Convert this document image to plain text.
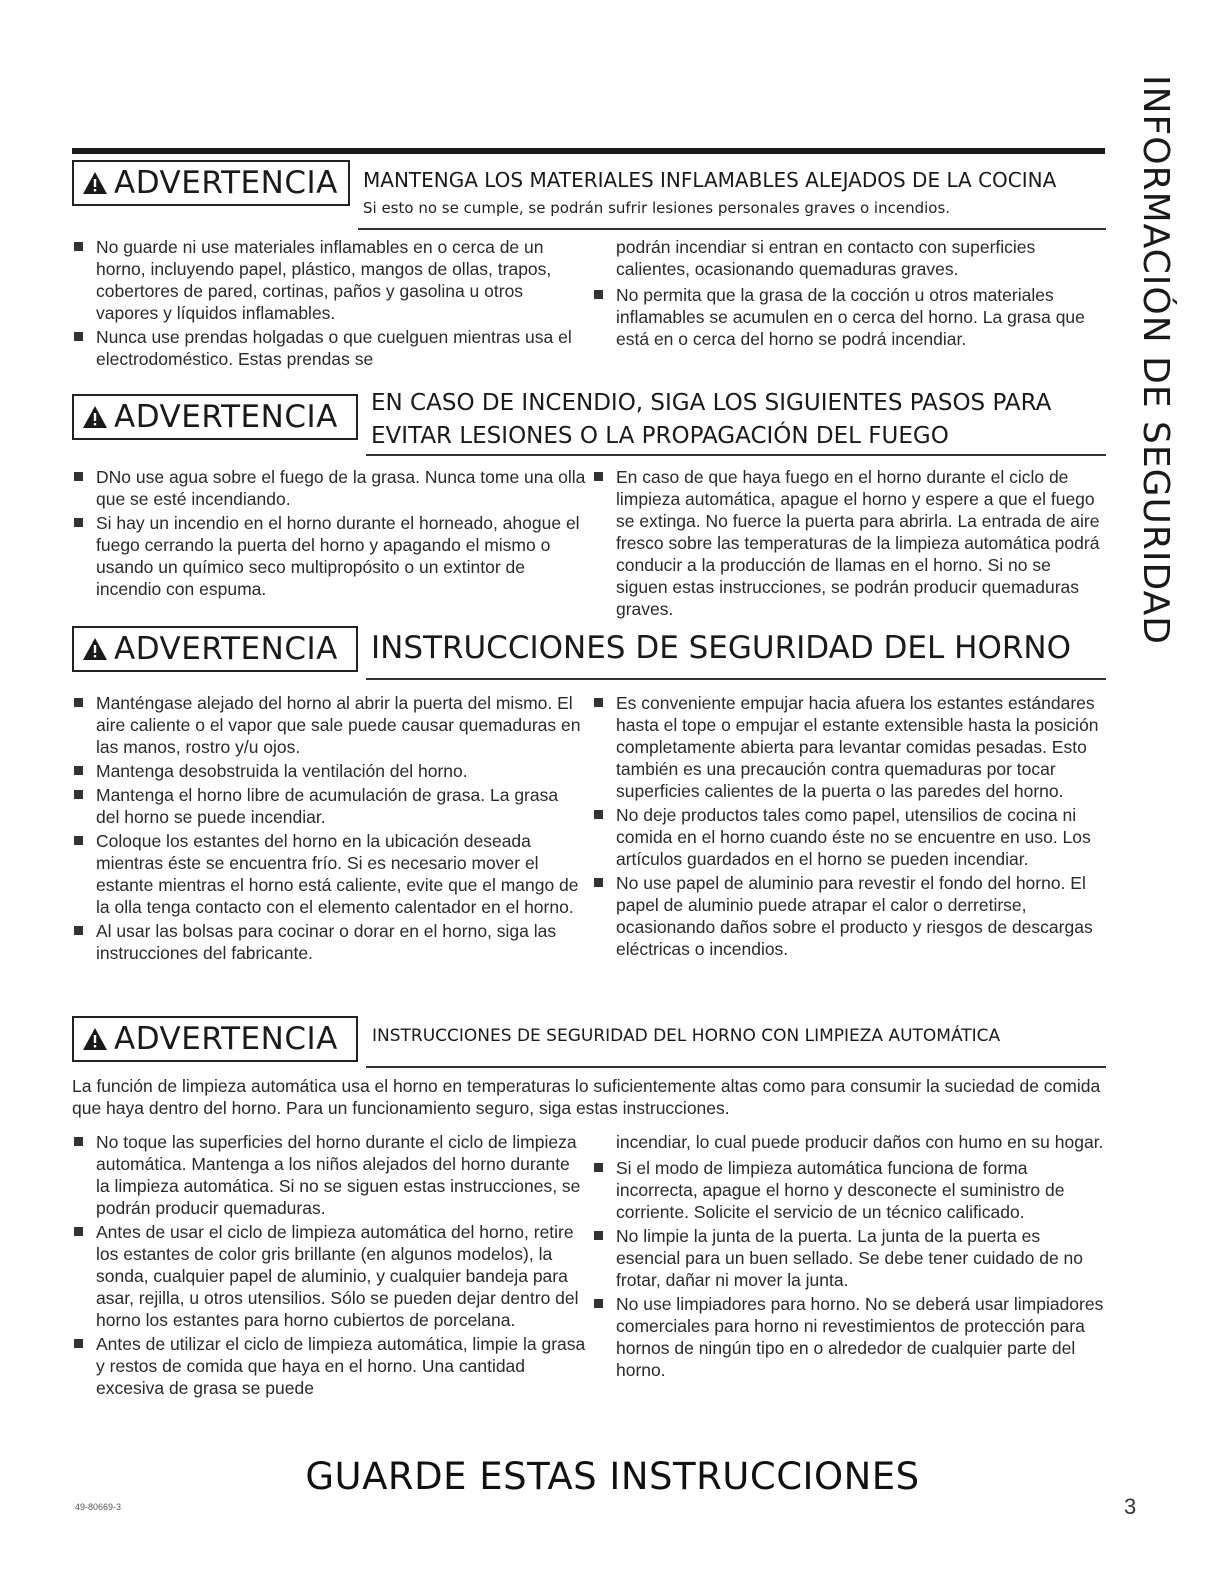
INFORMACIÓN DE SEGURIDAD
ADVERTENCIA MANTENGA LOS MATERIALES INFLAMABLES ALEJADOS DE LA COCINA
Si esto no se cumple, se podrán sufrir lesiones personales graves o incendios.
No guarde ni use materiales inflamables en o cerca de un horno, incluyendo papel, plástico, mangos de ollas, trapos, cobertores de pared, cortinas, paños y gasolina u otros vapores y líquidos inflamables.
Nunca use prendas holgadas o que cuelguen mientras usa el electrodoméstico. Estas prendas se
podrán incendiar si entran en contacto con superficies calientes, ocasionando quemaduras graves.
No permita que la grasa de la cocción u otros materiales inflamables se acumulen en o cerca del horno. La grasa que está en o cerca del horno se podrá incendiar.
ADVERTENCIA EN CASO DE INCENDIO, SIGA LOS SIGUIENTES PASOS PARA
EVITAR LESIONES O LA PROPAGACIÓN DEL FUEGO
DNo use agua sobre el fuego de la grasa. Nunca tome una olla que se esté incendiando.
Si hay un incendio en el horno durante el horneado, ahogue el fuego cerrando la puerta del horno y apagando el mismo o usando un químico seco multipropósito o un extintor de incendio con espuma.
En caso de que haya fuego en el horno durante el ciclo de limpieza automática, apague el horno y espere a que el fuego se extinga. No fuerce la puerta para abrirla. La entrada de aire fresco sobre las temperaturas de la limpieza automática podrá conducir a la producción de llamas en el horno. Si no se siguen estas instrucciones, se podrán producir quemaduras graves.
ADVERTENCIA INSTRUCCIONES DE SEGURIDAD DEL HORNO
Manténgase alejado del horno al abrir la puerta del mismo. El aire caliente o el vapor que sale puede causar quemaduras en las manos, rostro y/u ojos.
Mantenga desobstruida la ventilación del horno.
Mantenga el horno libre de acumulación de grasa. La grasa del horno se puede incendiar.
Coloque los estantes del horno en la ubicación deseada mientras éste se encuentra frío. Si es necesario mover el estante mientras el horno está caliente, evite que el mango de la olla tenga contacto con el elemento calentador en el horno.
Al usar las bolsas para cocinar o dorar en el horno, siga las instrucciones del fabricante.
Es conveniente empujar hacia afuera los estantes estándares hasta el tope o empujar el estante extensible hasta la posición completamente abierta para levantar comidas pesadas. Esto también es una precaución contra quemaduras por tocar superficies calientes de la puerta o las paredes del horno.
No deje productos tales como papel, utensilios de cocina ni comida en el horno cuando éste no se encuentre en uso. Los artículos guardados en el horno se pueden incendiar.
No use papel de aluminio para revestir el fondo del horno. El papel de aluminio puede atrapar el calor o derretirse, ocasionando daños sobre el producto y riesgos de descargas eléctricas o incendios.
ADVERTENCIA INSTRUCCIONES DE SEGURIDAD DEL HORNO CON LIMPIEZA AUTOMÁTICA
La función de limpieza automática usa el horno en temperaturas lo suficientemente altas como para consumir la suciedad de comida que haya dentro del horno. Para un funcionamiento seguro, siga estas instrucciones.
No toque las superficies del horno durante el ciclo de limpieza automática. Mantenga a los niños alejados del horno durante la limpieza automática. Si no se siguen estas instrucciones, se podrán producir quemaduras.
Antes de usar el ciclo de limpieza automática del horno, retire los estantes de color gris brillante (en algunos modelos), la sonda, cualquier papel de aluminio, y cualquier bandeja para asar, rejilla, u otros utensilios. Sólo se pueden dejar dentro del horno los estantes para horno cubiertos de porcelana.
Antes de utilizar el ciclo de limpieza automática, limpie la grasa y restos de comida que haya en el horno. Una cantidad excesiva de grasa se puede
incendiar, lo cual puede producir daños con humo en su hogar.
Si el modo de limpieza automática funciona de forma incorrecta, apague el horno y desconecte el suministro de corriente. Solicite el servicio de un técnico calificado.
No limpie la junta de la puerta. La junta de la puerta es esencial para un buen sellado. Se debe tener cuidado de no frotar, dañar ni mover la junta.
No use limpiadores para horno. No se deberá usar limpiadores comerciales para horno ni revestimientos de protección para hornos de ningún tipo en o alrededor de cualquier parte del horno.
GUARDE ESTAS INSTRUCCIONES
49-80669-3	3
